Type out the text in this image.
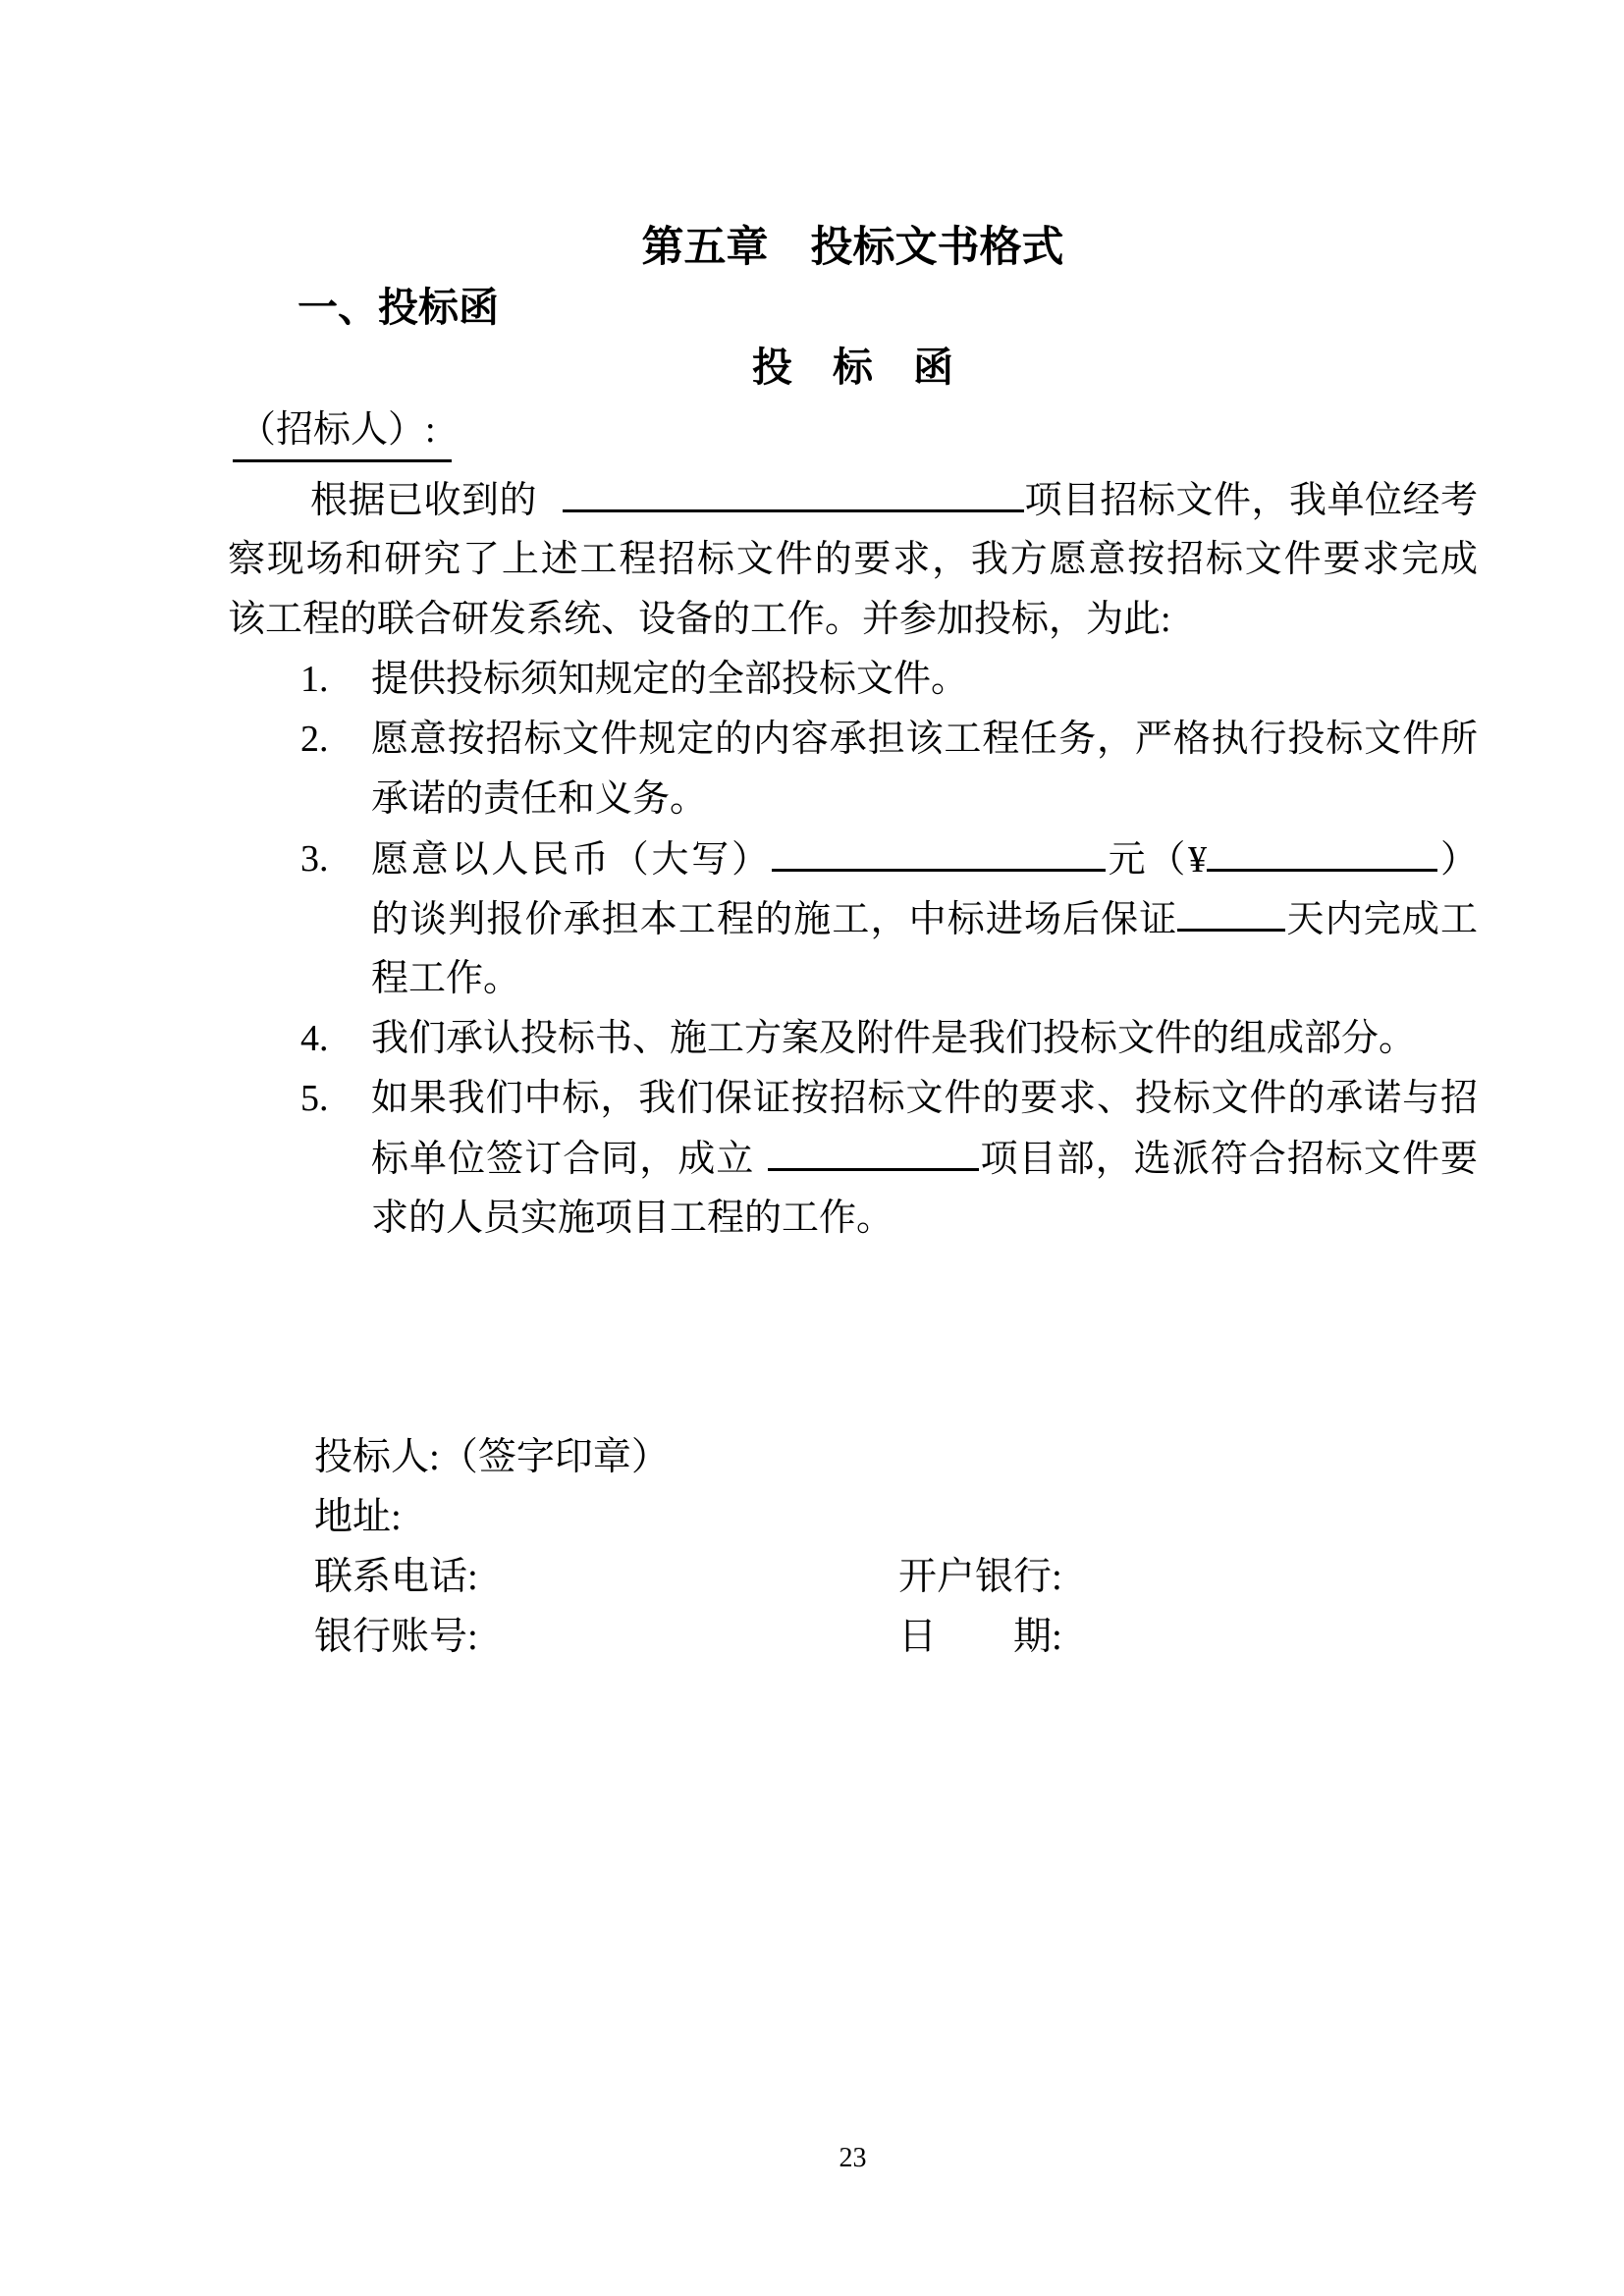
第五章　投标文书格式
一、投标函
投　标　函
（招标人）:
根据已收到的	项目招标文件，我单位经考
察现场和研究了上述工程招标文件的要求，我方愿意按招标文件要求完成
该工程的联合研发系统、设备的工作。并参加投标，为此:
1. 提供投标须知规定的全部投标文件。
2. 愿意按招标文件规定的内容承担该工程任务，严格执行投标文件所
承诺的责任和义务。
3. 愿意以人民币（大写）	元（¥	）
的谈判报价承担本工程的施工，中标进场后保证	天内完成工
程工作。
4. 我们承认投标书、施工方案及附件是我们投标文件的组成部分。
5. 如果我们中标，我们保证按招标文件的要求、投标文件的承诺与招
标单位签订合同，成立	项目部，选派符合招标文件要
求的人员实施项目工程的工作。
投标人:（签字印章）
地址:
联系电话:	开户银行:
银行账号:	日　　期:
23
